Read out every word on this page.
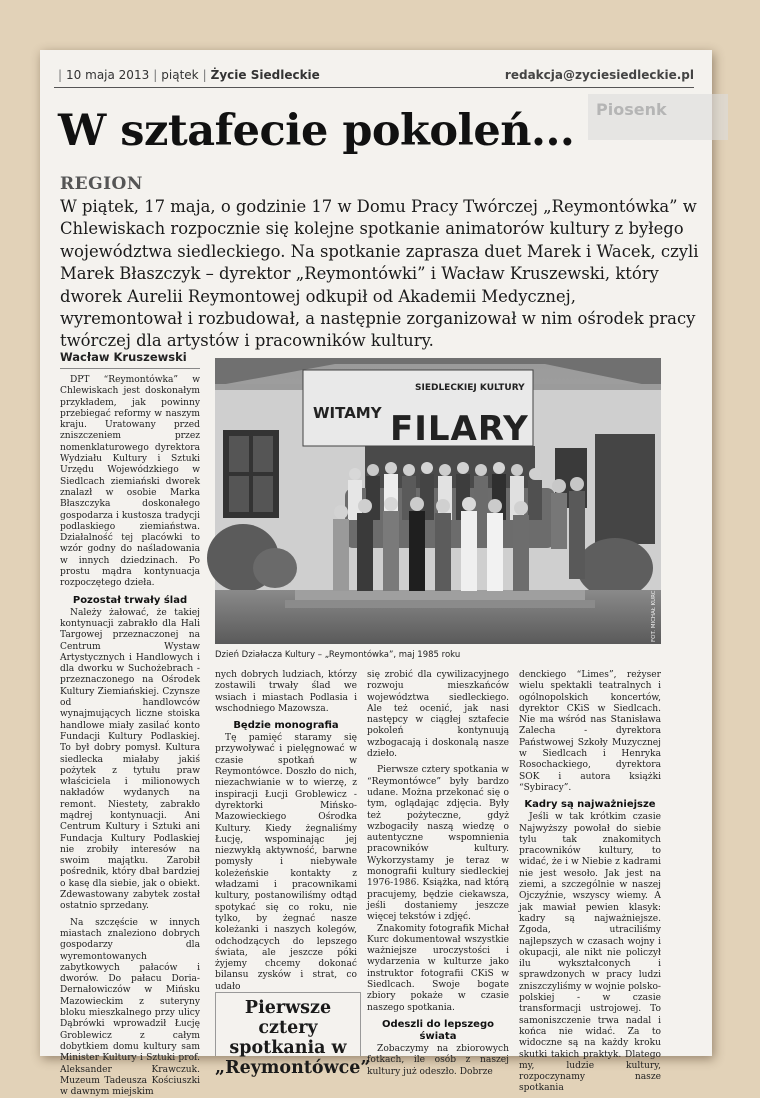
| 10 maja 2013 | piątek | Życie Siedleckie	redakcja@zyciesiedleckie.pl
Piosenk
W sztafecie pokoleń...
REGION
W piątek, 17 maja, o godzinie 17 w Domu Pracy Twórczej „Reymontówka” w Chlewiskach rozpocznie się kolejne spotkanie animatorów kultury z byłego województwa siedleckiego. Na spotkanie zaprasza duet Marek i Wacek, czyli Marek Błaszczyk – dyrektor „Reymontówki” i Wacław Kruszewski, który dworek Aurelii Reymontowej odkupił od Akademii Medycznej, wyremontował i rozbudował, a następnie zorganizował w nim ośrodek pracy twórczej dla artystów i pracowników kultury.
Wacław Kruszewski
WITAMY
SIEDLECKIEJ KULTURY
FILARY
FOT. MICHAŁ KURC
Dzień Działacza Kultury – „Reymontówka”, maj 1985 roku

DPT “Reymontówka” w Chlewiskach jest doskonałym przykładem, jak powinny przebiegać reformy w naszym kraju. Uratowany przed zniszczeniem przez nomenklaturowego dyrektora Wydziału Kultury i Sztuki Urzędu Wojewódzkiego w Siedlcach ziemiański dworek znalazł w osobie Marka Błaszczyka doskonałego gospodarza i kustosza tradycji podlaskiego ziemiaństwa. Działalność tej placówki to wzór godny do naśladowania w innych dziedzinach. Po prostu mądra kontynuacja rozpoczętego dzieła.

Pozostał trwały ślad

Należy żałować, że takiej kontynuacji zabrakło dla Hali Targowej przeznaczonej na Centrum Wystaw Artystycznych i Handlowych i dla dworku w Suchożebrach - przeznaczonego na Ośrodek Kultury Ziemiańskiej. Czynsze od handlowców wynajmujących liczne stoiska handlowe miały zasilać konto Fundacji Kultury Podlaskiej. To był dobry pomysł. Kultura siedlecka miałaby jakiś pożytek z tytułu praw właściciela i milionowych nakładów wydanych na remont. Niestety, zabrakło mądrej kontynuacji. Ani Centrum Kultury i Sztuki ani Fundacja Kultury Podlaskiej nie zrobiły interesów na swoim majątku. Zarobił pośrednik, który dbał bardziej o kasę dla siebie, jak o obiekt. Zdewastowany zabytek został ostatnio sprzedany.

Na szczęście w innych miastach znaleziono dobrych gospodarzy dla wyremontowanych zabytkowych pałaców i dworów. Do pałacu Doria-Dernałowiczów w Mińsku Mazowieckim z suteryny bloku mieszkalnego przy ulicy Dąbrówki wprowadził Łucję Groblewicz z całym dobytkiem domu kultury sam Minister Kultury i Sztuki prof. Aleksander Krawczuk. Muzeum Tadeusza Kościuszki w dawnym miejskim

nych dobrych ludziach, którzy zostawili trwały ślad we wsiach i miastach Podlasia i wschodniego Mazowsza.

Będzie monografia

Tę pamięć staramy się przywoływać i pielęgnować w czasie spotkań w Reymontówce. Doszło do nich, niezachwianie w to wierzę, z inspiracji Łucji Groblewicz - dyrektorki Mińsko-Mazowieckiego Ośrodka Kultury. Kiedy żegnaliśmy Łucję, wspominając jej niezwykłą aktywność, barwne pomysły i niebywałe koleżeńskie kontakty z władzami i pracownikami kultury, postanowiliśmy odtąd spotykać się co roku, nie tylko, by żegnać nasze koleżanki i naszych kolegów, odchodzących do lepszego świata, ale jeszcze póki żyjemy chcemy dokonać bilansu zysków i strat, co udało

Pierwsze cztery spotkania w „Reymontówce”

się zrobić dla cywilizacyjnego rozwoju mieszkańców województwa siedleckiego. Ale też ocenić, jak nasi następcy w ciągłej sztafecie pokoleń kontynuują wzbogacają i doskonalą nasze dzieło.

Pierwsze cztery spotkania w “Reymontówce” były bardzo udane. Można przekonać się o tym, oglądając zdjęcia. Były też pożyteczne, gdyż wzbogaciły naszą wiedzę o autentyczne wspomnienia pracowników kultury. Wykorzystamy je teraz w monografii kultury siedleckiej 1976-1986. Książka, nad którą pracujemy, będzie ciekawsza, jeśli dostaniemy jeszcze więcej tekstów i zdjęć.

Znakomity fotografik Michał Kurc dokumentował wszystkie ważniejsze uroczystości i wydarzenia w kulturze jako instruktor fotografii CKiS w Siedlcach. Swoje bogate zbiory pokaże w czasie naszego spotkania.

Odeszli do lepszego świata

Zobaczymy na zbiorowych fotkach, ile osób z naszej kultury już odeszło. Dobrze

denckiego “Limes”, reżyser wielu spektakli teatralnych i ogólnopolskich koncertów, dyrektor CKiS w Siedlcach. Nie ma wśród nas Stanisława Zalecha - dyrektora Państwowej Szkoły Muzycznej w Siedlcach i Henryka Rosochackiego, dyrektora SOK i autora książki “Sybiracy”.

Kadry są najważniejsze

Jeśli w tak krótkim czasie Najwyższy powołał do siebie tylu tak znakomitych pracowników kultury, to widać, że i w Niebie z kadrami nie jest wesoło. Jak jest na ziemi, a szczególnie w naszej Ojczyźnie, wszyscy wiemy. A jak mawiał pewien klasyk: kadry są najważniejsze. Zgoda, utraciliśmy najlepszych w czasach wojny i okupacji, ale nikt nie policzył ilu wykształconych i sprawdzonych w pracy ludzi zniszczyliśmy w wojnie polsko-polskiej - w czasie transformacji ustrojowej. To samoniszczenie trwa nadal i końca nie widać. Za to widoczne są na każdy kroku skutki takich praktyk. Dlatego my, ludzie kultury, rozpoczynamy nasze spotkania
